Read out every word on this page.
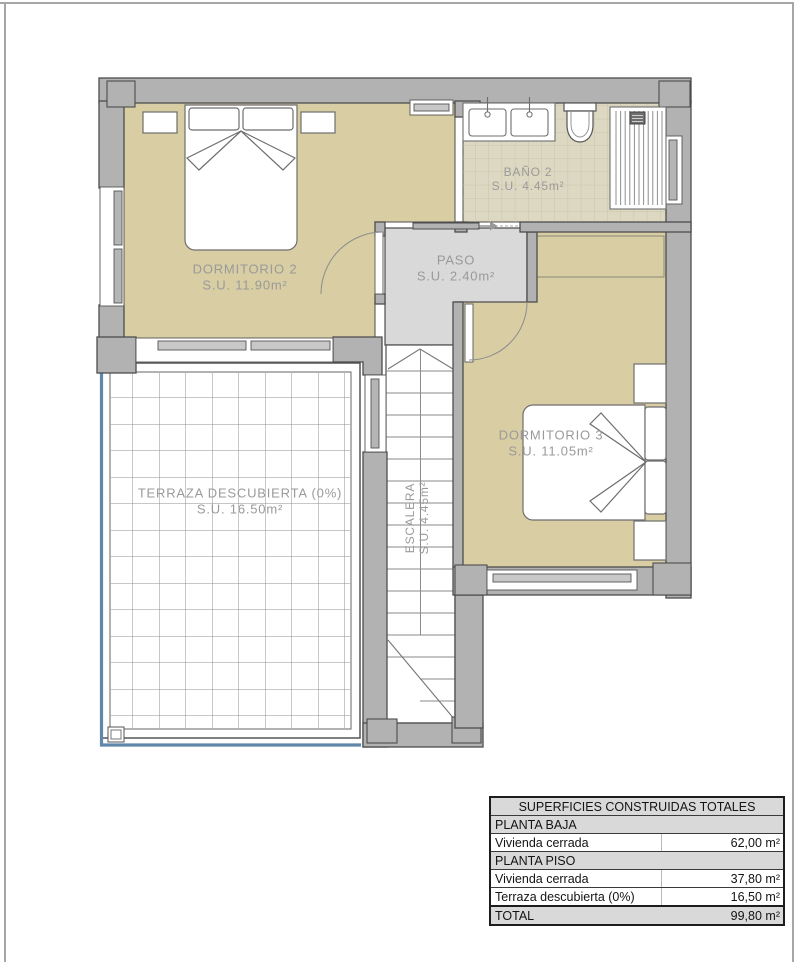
DORMITORIO 2
S.U. 11.90m²
BAÑO 2
S.U. 4.45m²
PASO
S.U. 2.40m²
DORMITORIO 3
S.U. 11.05m²
TERRAZA DESCUBIERTA (0%)
S.U. 16.50m²	ESCALERA S.U. 4.45m²
SUPERFICIES CONSTRUIDAS TOTALES
PLANTA BAJA
Vivienda cerrada	62,00 m²
PLANTA PISO
Vivienda cerrada	37,80 m²
Terraza descubierta (0%)	16,50 m²
TOTAL	99,80 m²
